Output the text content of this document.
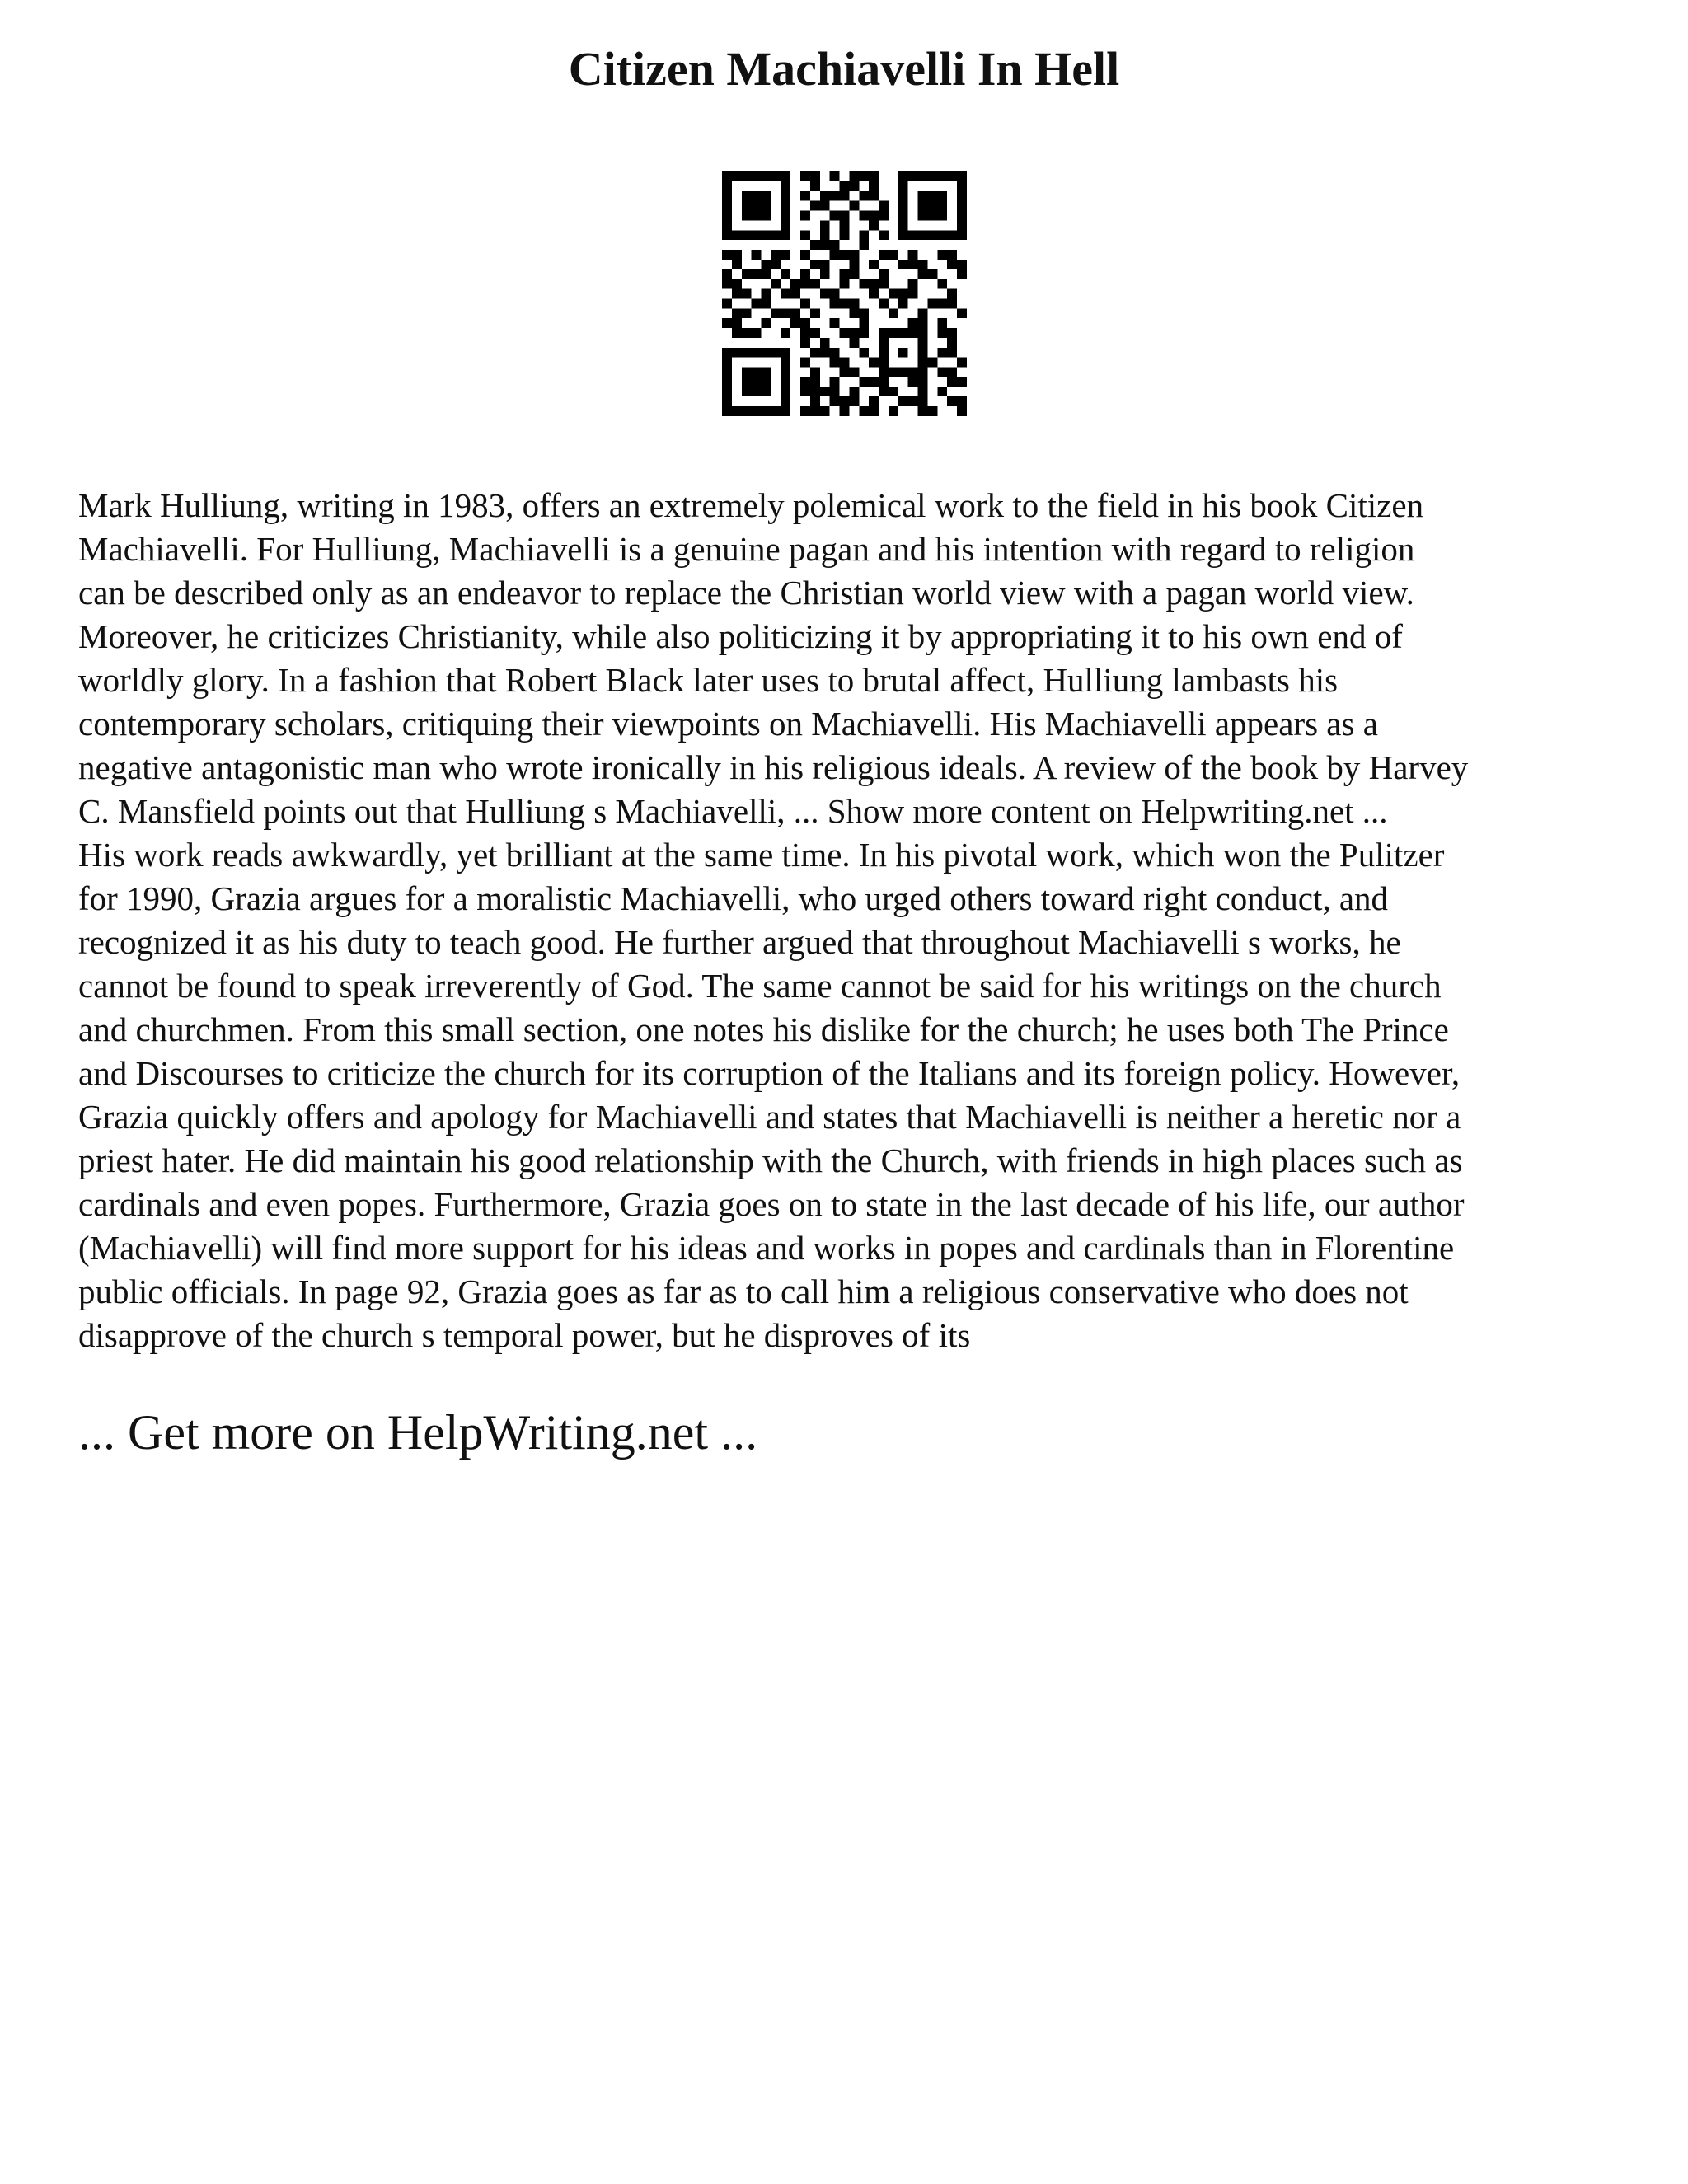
Citizen Machiavelli In Hell
Mark Hulliung, writing in 1983, offers an extremely polemical work to the field in his book Citizen
Machiavelli. For Hulliung, Machiavelli is a genuine pagan and his intention with regard to religion
can be described only as an endeavor to replace the Christian world view with a pagan world view.
Moreover, he criticizes Christianity, while also politicizing it by appropriating it to his own end of
worldly glory. In a fashion that Robert Black later uses to brutal affect, Hulliung lambasts his
contemporary scholars, critiquing their viewpoints on Machiavelli. His Machiavelli appears as a
negative antagonistic man who wrote ironically in his religious ideals. A review of the book by Harvey
C. Mansfield points out that Hulliung s Machiavelli, ... Show more content on Helpwriting.net ...
His work reads awkwardly, yet brilliant at the same time. In his pivotal work, which won the Pulitzer
for 1990, Grazia argues for a moralistic Machiavelli, who urged others toward right conduct, and
recognized it as his duty to teach good. He further argued that throughout Machiavelli s works, he
cannot be found to speak irreverently of God. The same cannot be said for his writings on the church
and churchmen. From this small section, one notes his dislike for the church; he uses both The Prince
and Discourses to criticize the church for its corruption of the Italians and its foreign policy. However,
Grazia quickly offers and apology for Machiavelli and states that Machiavelli is neither a heretic nor a
priest hater. He did maintain his good relationship with the Church, with friends in high places such as
cardinals and even popes. Furthermore, Grazia goes on to state in the last decade of his life, our author
(Machiavelli) will find more support for his ideas and works in popes and cardinals than in Florentine
public officials. In page 92, Grazia goes as far as to call him a religious conservative who does not
disapprove of the church s temporal power, but he disproves of its
... Get more on HelpWriting.net ...
